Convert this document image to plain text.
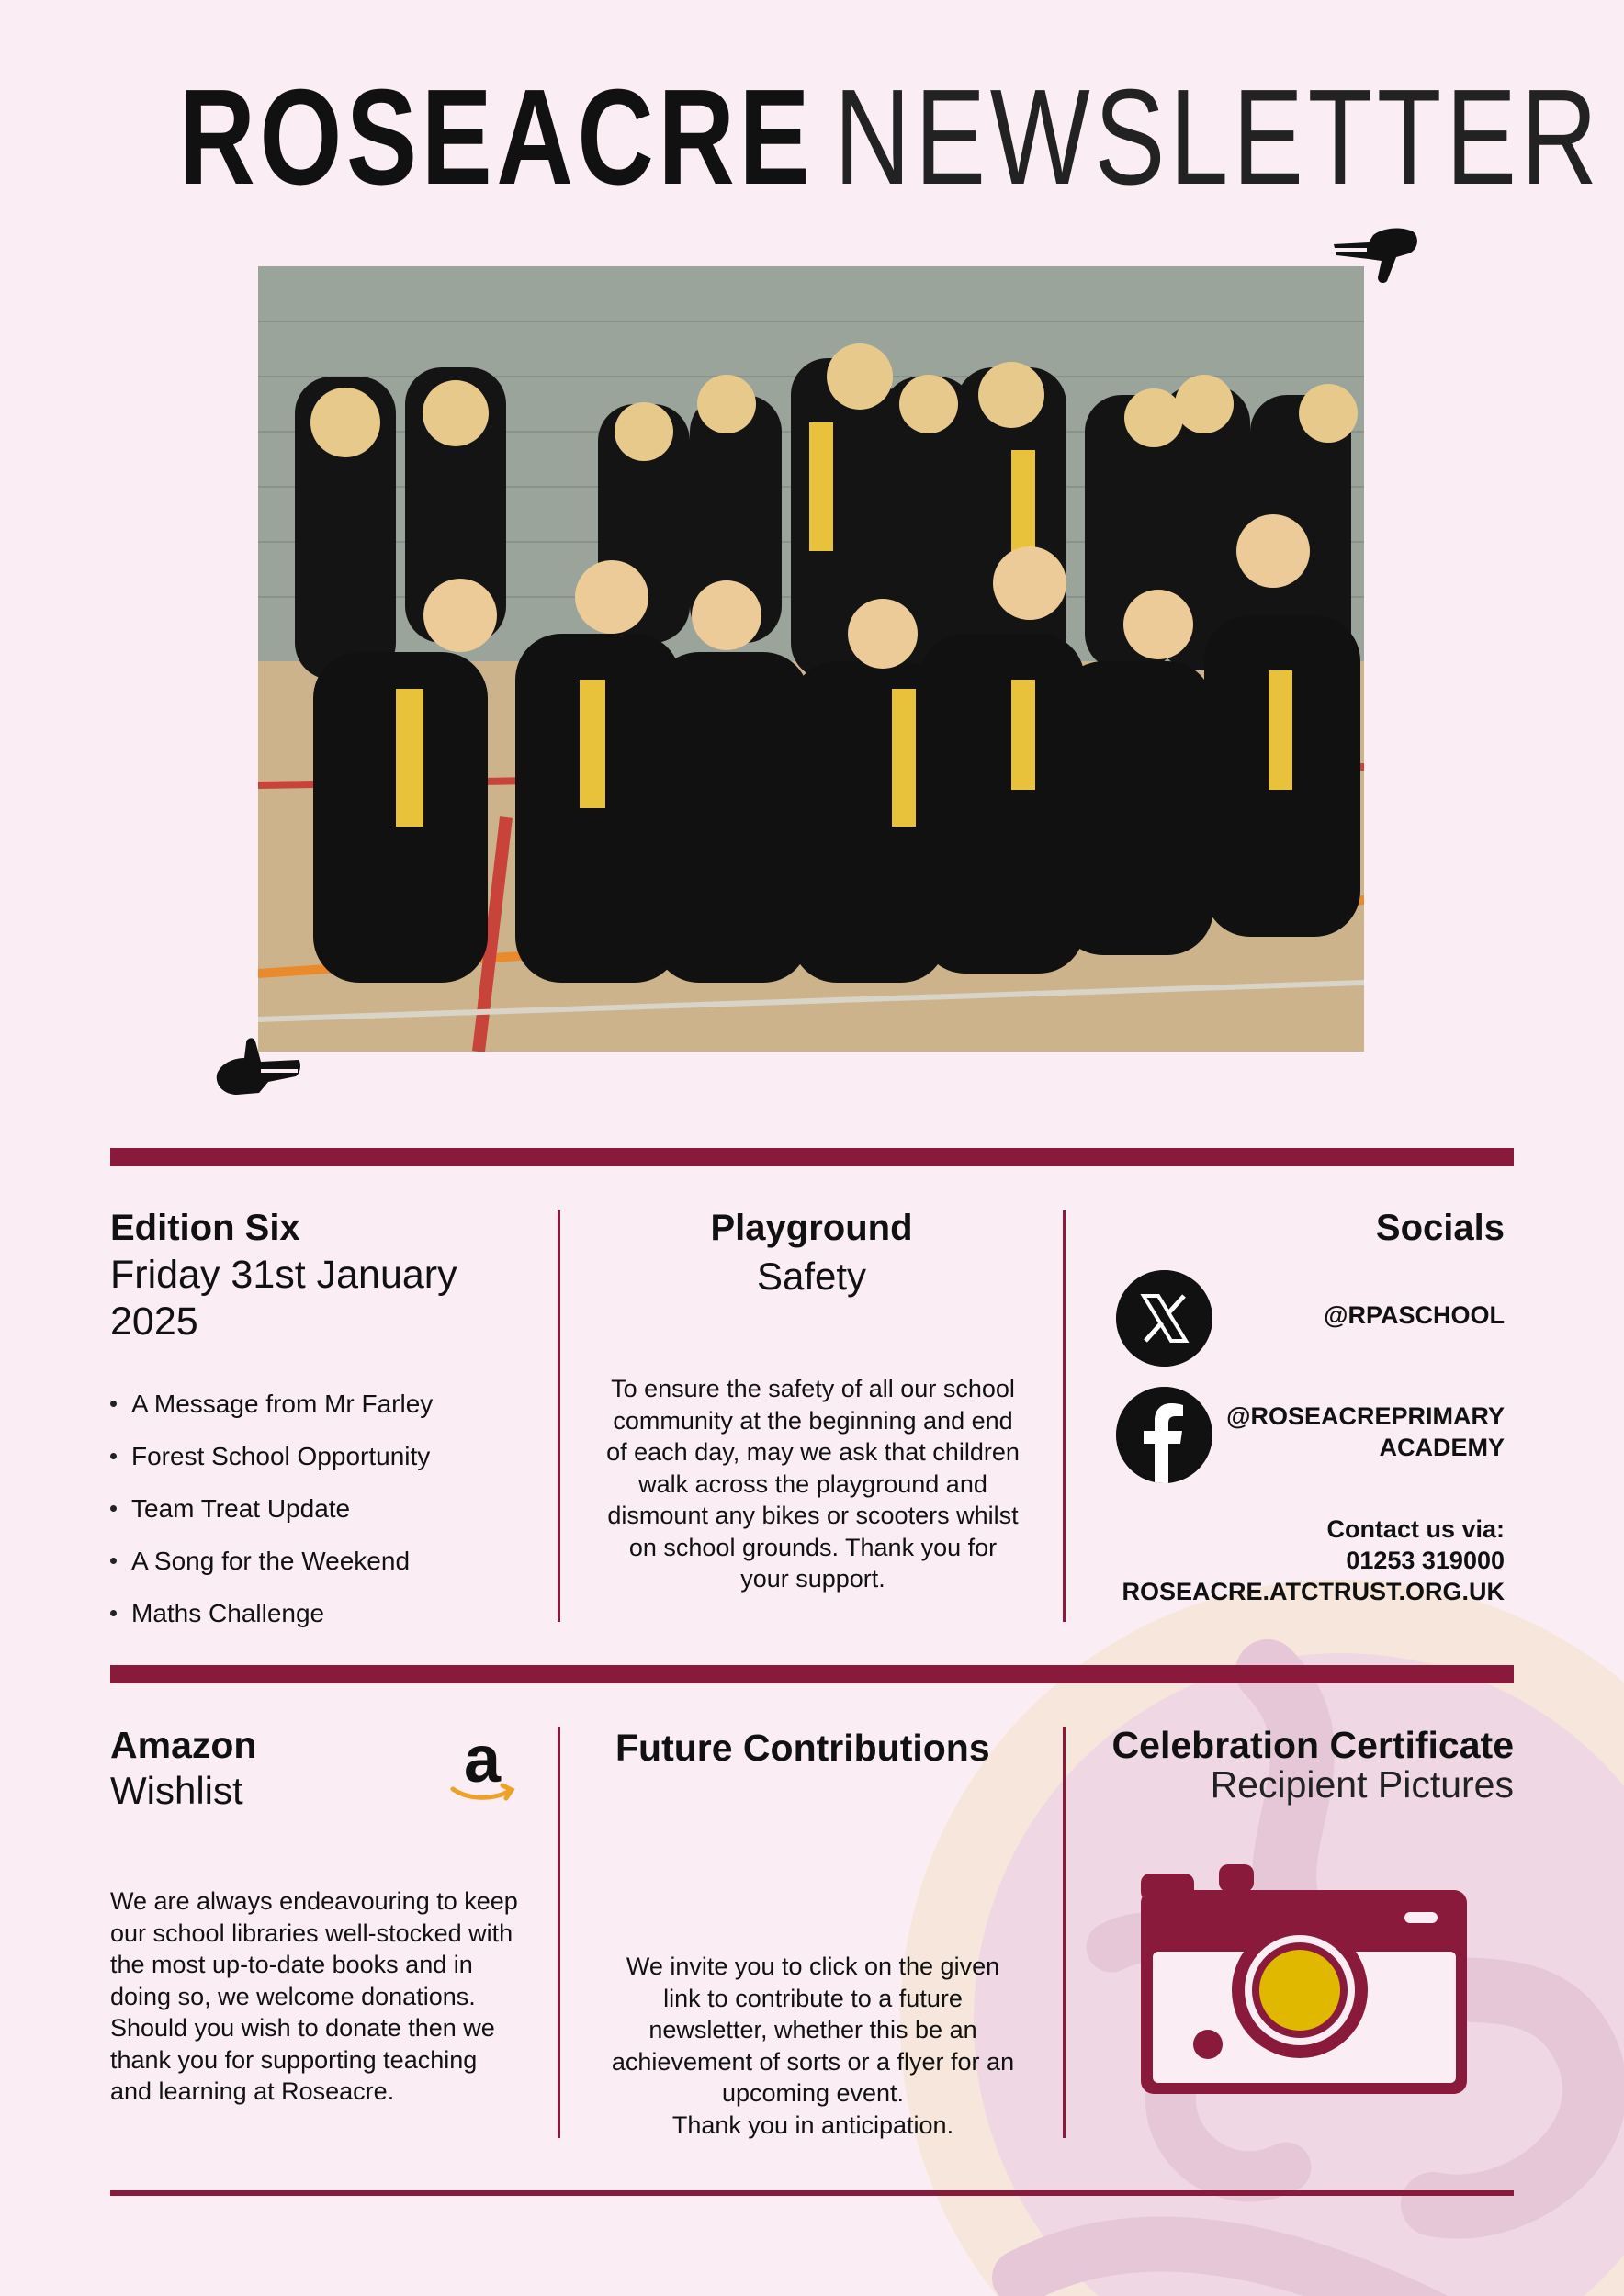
ROSEACRE NEWSLETTER
Edition Six
Friday 31st January 2025
A Message from Mr Farley
Forest School Opportunity
Team Treat Update
A Song for the Weekend
Maths Challenge
Playground
Safety
To ensure the safety of all our school community at the beginning and end of each day, may we ask that children walk across the playground and dismount any bikes or scooters whilst on school grounds. Thank you for your support.
Socials
@RPASCHOOL
@ROSEACREPRIMARY ACADEMY
Contact us via:
01253 319000
ROSEACRE.ATCTRUST.ORG.UK
Amazon
Wishlist	a
We are always endeavouring to keep our school libraries well-stocked with the most up-to-date books and in doing so, we welcome donations. Should you wish to donate then we thank you for supporting teaching and learning at Roseacre.
Future Contributions
We invite you to click on the given link to contribute to a future newsletter, whether this be an achievement of sorts or a flyer for an upcoming event.
Thank you in anticipation.
Celebration Certificate
Recipient Pictures
